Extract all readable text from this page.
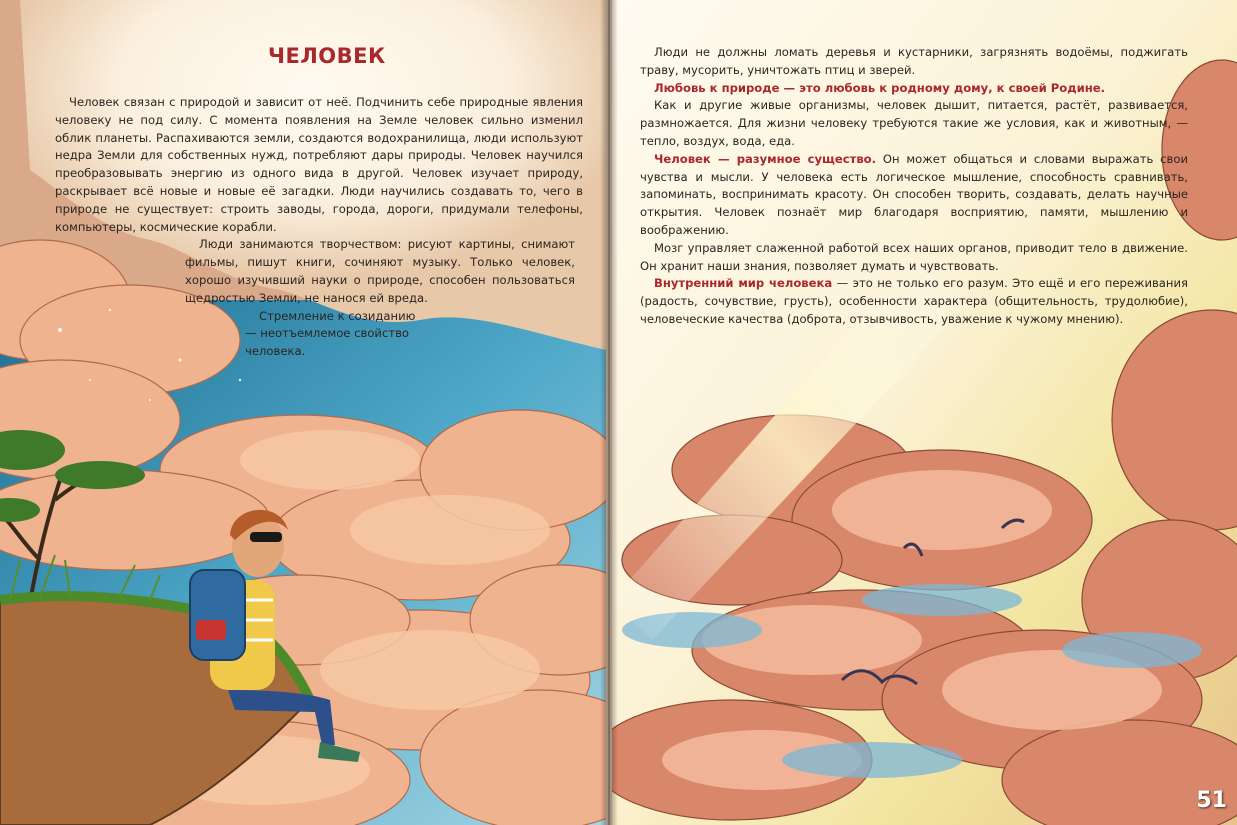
ЧЕЛОВЕК

Человек связан с природой и зависит от неё. Подчинить себе природные явления человеку не под силу. С момента появления на Земле человек сильно изменил облик планеты. Распахиваются земли, создаются водохранилища, люди используют недра Земли для собственных нужд, потребляют дары природы. Человек научился преобразовывать энергию из одного вида в другой. Человек изучает природу, раскрывает всё новые и новые её загадки. Люди научились создавать то, чего в природе не существует: строить заводы, города, дороги, придумали телефоны, компьютеры, космические корабли.

Люди занимаются творчеством: рисуют картины, снимают фильмы, пишут книги, сочиняют музыку. Только человек, хорошо изучивший науки о природе, способен пользоваться щедростью Земли, не нанося ей вреда.

Стремление к созиданию — неотъемлемое свойство человека.

51

Люди не должны ломать деревья и кустарники, загрязнять водоёмы, поджигать траву, мусорить, уничтожать птиц и зверей.

Любовь к природе — это любовь к родному дому, к своей Родине.

Как и другие живые организмы, человек дышит, питается, растёт, развивается, размножается. Для жизни человеку требуются такие же условия, как и животным, — тепло, воздух, вода, еда.

Человек — разумное существо. Он может общаться и словами выражать свои чувства и мысли. У человека есть логическое мышление, способность сравнивать, запоминать, воспринимать красоту. Он способен творить, создавать, делать научные открытия. Человек познаёт мир благодаря восприятию, памяти, мышлению и воображению.

Мозг управляет слаженной работой всех наших органов, приводит тело в движение. Он хранит наши знания, позволяет думать и чувствовать.

Внутренний мир человека — это не только его разум. Это ещё и его переживания (радость, сочувствие, грусть), особенности характера (общительность, трудолюбие), человеческие качества (доброта, отзывчивость, уважение к чужому мнению).
